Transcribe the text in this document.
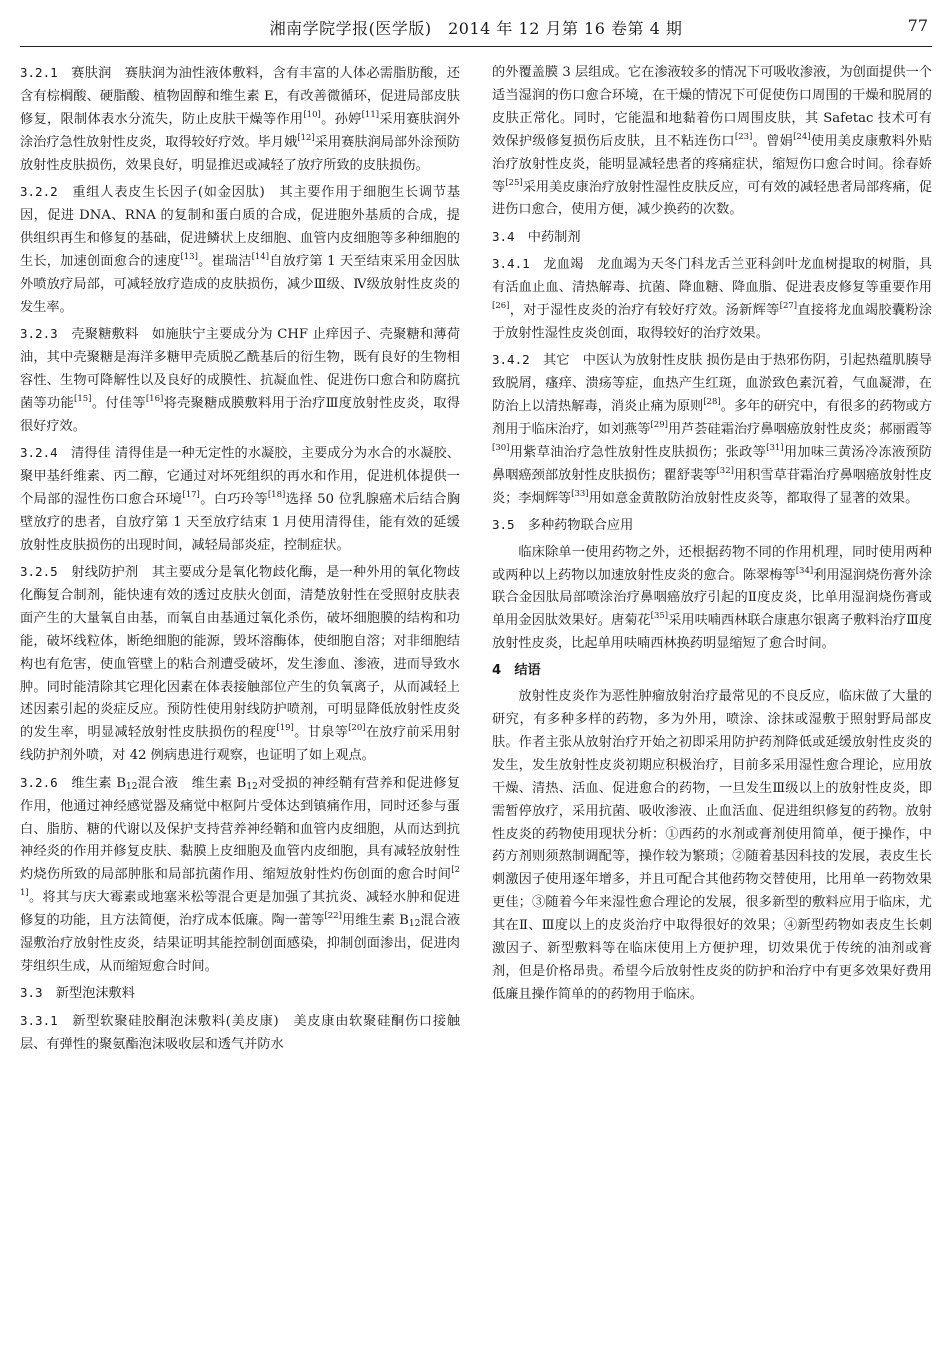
湘南学院学报(医学版)　2014 年 12 月第 16 卷第 4 期	77

3.2.1　 赛肤润　赛肤润为油性液体敷料，含有丰富的人体必需脂肪酸，还含有棕榈酸、硬脂酸、植物固醇和维生素 E，有改善微循环，促进局部皮肤修复，限制体表水分流失，防止皮肤干燥等作用[10]。孙婷[11]采用赛肤润外涂治疗急性放射性皮炎，取得较好疗效。毕月娥[12]采用赛肤润局部外涂预防放射性皮肤损伤，效果良好，明显推迟或减轻了放疗所致的皮肤损伤。

3.2.2　 重组人表皮生长因子(如金因肽)　其主要作用于细胞生长调节基因，促进 DNA、RNA 的复制和蛋白质的合成，促进胞外基质的合成，提供组织再生和修复的基础，促进鳞状上皮细胞、血管内皮细胞等多种细胞的生长，加速创面愈合的速度[13]。崔瑞洁[14]自放疗第 1 天至结束采用金因肽外喷放疗局部，可减轻放疗造成的皮肤损伤，减少Ⅲ级、Ⅳ级放射性皮炎的发生率。

3.2.3　 壳聚糖敷料　如施肤宁主要成分为 CHF 止痒因子、壳聚糖和薄荷油，其中壳聚糖是海洋多糖甲壳质脱乙酰基后的衍生物，既有良好的生物相容性、生物可降解性以及良好的成膜性、抗凝血性、促进伤口愈合和防腐抗菌等功能[15]。付佳等[16]将壳聚糖成膜敷料用于治疗Ⅲ度放射性皮炎，取得很好疗效。

3.2.4　 清得佳 清得佳是一种无定性的水凝胶，主要成分为水合的水凝胶、聚甲基纤维素、丙二醇，它通过对坏死组织的再水和作用，促进机体提供一个局部的湿性伤口愈合环境[17]。白巧玲等[18]选择 50 位乳腺癌术后结合胸壁放疗的患者，自放疗第 1 天至放疗结束 1 月使用清得佳，能有效的延缓放射性皮肤损伤的出现时间，减轻局部炎症，控制症状。

3.2.5　 射线防护剂　其主要成分是氧化物歧化酶，是一种外用的氧化物歧化酶复合制剂，能快速有效的透过皮肤火创面，清楚放射性在受照射皮肤表面产生的大量氧自由基，而氧自由基通过氧化杀伤，破坏细胞膜的结构和功能，破坏线粒体，断绝细胞的能源，毁坏溶酶体，使细胞自溶；对非细胞结构也有危害，使血管壁上的粘合剂遭受破坏，发生渗血、渗液，进而导致水肿。同时能清除其它理化因素在体表接触部位产生的负氧离子，从而减轻上述因素引起的炎症反应。预防性使用射线防护喷剂，可明显降低放射性皮炎的发生率，明显减轻放射性皮肤损伤的程度[19]。甘泉等[20]在放疗前采用射线防护剂外喷，对 42 例病患进行观察，也证明了如上观点。

3.2.6　 维生素 $B_{12}$混合液　维生素 $B_{12}$对受损的神经鞘有营养和促进修复作用，他通过神经感觉器及痛觉中枢阿片受体达到镇痛作用，同时还参与蛋白、脂肪、糖的代谢以及保护支持营养神经鞘和血管内皮细胞，从而达到抗神经炎的作用并修复皮肤、黏膜上皮细胞及血管内皮细胞，具有减轻放射性灼烧伤所致的局部肿胀和局部抗菌作用、缩短放射性灼伤创面的愈合时间[21]。将其与庆大霉素或地塞米松等混合更是加强了其抗炎、减轻水肿和促进修复的功能，且方法简便，治疗成本低廉。陶一蕾等[22]用维生素 $B_{12}$混合液湿敷治疗放射性皮炎，结果证明其能控制创面感染，抑制创面渗出，促进肉芽组织生成，从而缩短愈合时间。

3.3　 新型泡沫敷料

3.3.1　 新型软聚硅胶酮泡沫敷料(美皮康)　美皮康由软聚硅酮伤口接触层、有弹性的聚氨酯泡沫吸收层和透气并防水

的外覆盖膜 3 层组成。它在渗液较多的情况下可吸收渗液，为创面提供一个适当湿润的伤口愈合环境，在干燥的情况下可促使伤口周围的干燥和脱屑的皮肤正常化。同时，它能温和地黏着伤口周围皮肤，其 Safetac 技术可有效保护级修复损伤后皮肤，且不粘连伤口[23]。曾娟[24]使用美皮康敷料外贴治疗放射性皮炎，能明显减轻患者的疼痛症状，缩短伤口愈合时间。徐春娇等[25]采用美皮康治疗放射性湿性皮肤反应，可有效的减轻患者局部疼痛，促进伤口愈合，使用方便，减少换药的次数。

3.4　 中药制剂

3.4.1　 龙血竭　龙血竭为天冬门科龙舌兰亚科剑叶龙血树提取的树脂，具有活血止血、清热解毒、抗菌、降血糖、降血脂、促进表皮修复等重要作用[26]，对于湿性皮炎的治疗有较好疗效。汤新辉等[27]直接将龙血竭胶囊粉涂于放射性湿性皮炎创面，取得较好的治疗效果。

3.4.2　 其它　中医认为放射性皮肤 损伤是由于热邪伤阴，引起热蕴肌腠导致脱屑，瘙痒、溃疡等症，血热产生红斑，血淤致色素沉着，气血凝滞，在防治上以清热解毒，消炎止痛为原则[28]。多年的研究中，有很多的药物或方剂用于临床治疗，如刘燕等[29]用芦荟硅霜治疗鼻咽癌放射性皮炎；郝丽霞等[30]用紫草油治疗急性放射性皮肤损伤；张政等[31]用加味三黄汤冷冻液预防鼻咽癌颈部放射性皮肤损伤；瞿舒裴等[32]用积雪草苷霜治疗鼻咽癌放射性皮炎；李炯辉等[33]用如意金黄散防治放射性皮炎等，都取得了显著的效果。

3.5　 多种药物联合应用

临床除单一使用药物之外，还根据药物不同的作用机理，同时使用两种或两种以上药物以加速放射性皮炎的愈合。陈翠梅等[34]利用湿润烧伤膏外涂联合金因肽局部喷涂治疗鼻咽癌放疗引起的Ⅱ度皮炎，比单用湿润烧伤膏或单用金因肽效果好。唐菊花[35]采用呋喃西林联合康惠尔银离子敷料治疗Ⅲ度放射性皮炎，比起单用呋喃西林换药明显缩短了愈合时间。

4　 结语

放射性皮炎作为恶性肿瘤放射治疗最常见的不良反应，临床做了大量的研究，有多种多样的药物，多为外用，喷涂、涂抹或湿敷于照射野局部皮肤。作者主张从放射治疗开始之初即采用防护药剂降低或延缓放射性皮炎的发生，发生放射性皮炎初期应积极治疗，目前多采用湿性愈合理论，应用放干燥、清热、活血、促进愈合的药物，一旦发生Ⅲ级以上的放射性皮炎，即需暂停放疗，采用抗菌、吸收渗液、止血活血、促进组织修复的药物。放射性皮炎的药物使用现状分析：①西药的水剂或膏剂使用简单，便于操作，中药方剂则须熬制调配等，操作较为繁琐；②随着基因科技的发展，表皮生长刺激因子使用逐年增多，并且可配合其他药物交替使用，比用单一药物效果更佳；③随着今年来湿性愈合理论的发展，很多新型的敷料应用于临床，尤其在Ⅱ、Ⅲ度以上的皮炎治疗中取得很好的效果；④新型药物如表皮生长刺激因子、新型敷料等在临床使用上方便护理，切效果优于传统的油剂或膏剂，但是价格昂贵。希望今后放射性皮炎的防护和治疗中有更多效果好费用低廉且操作简单的的药物用于临床。
